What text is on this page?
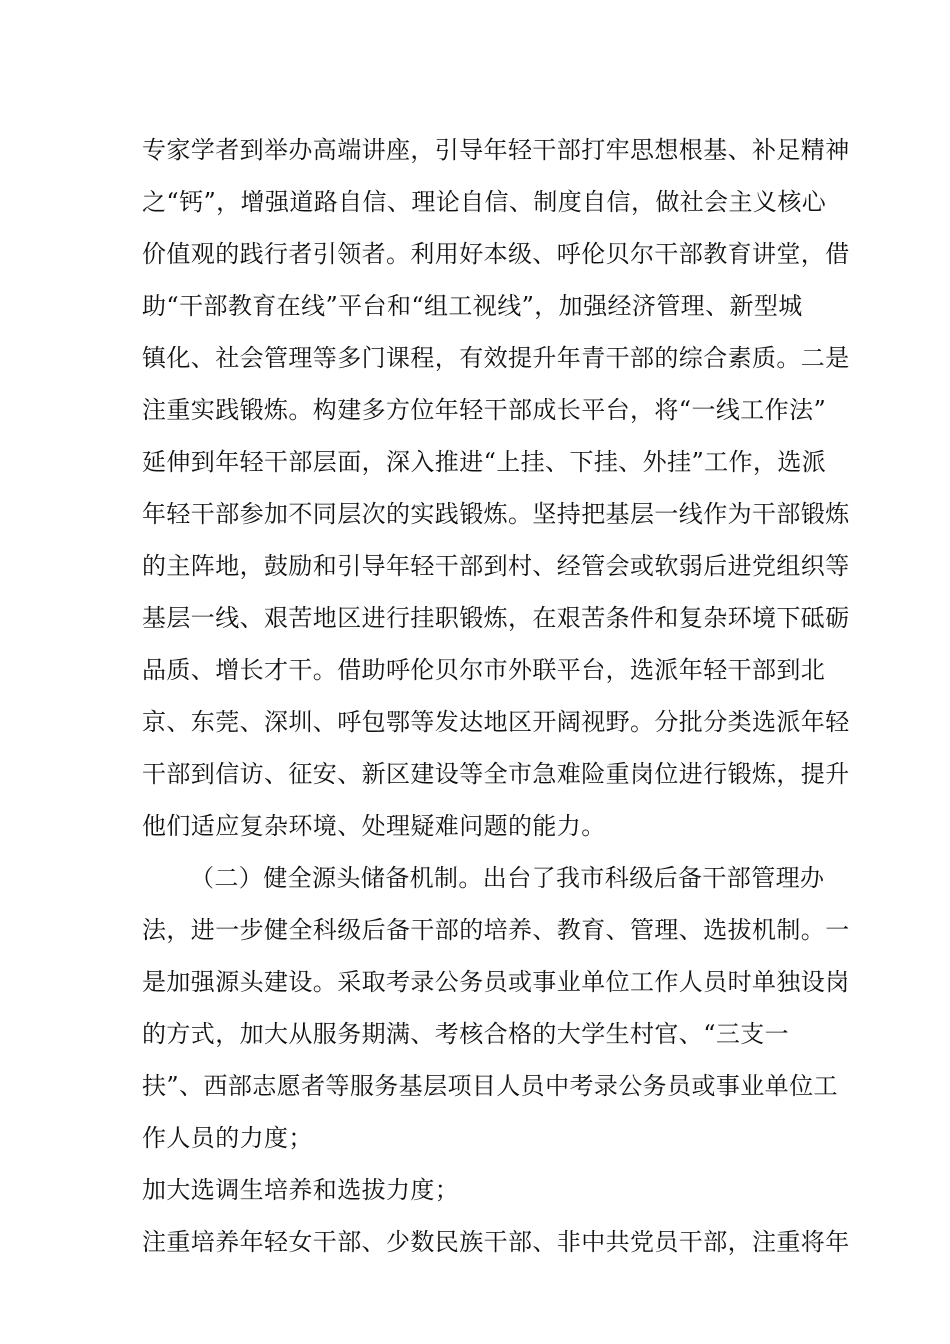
专家学者到举办高端讲座，引导年轻干部打牢思想根基、补足精神
之“钙”，增强道路自信、理论自信、制度自信，做社会主义核心
价值观的践行者引领者。利用好本级、呼伦贝尔干部教育讲堂，借
助“干部教育在线”平台和“组工视线”，加强经济管理、新型城
镇化、社会管理等多门课程，有效提升年青干部的综合素质。二是
注重实践锻炼。构建多方位年轻干部成长平台，将“一线工作法”
延伸到年轻干部层面，深入推进“上挂、下挂、外挂”工作，选派
年轻干部参加不同层次的实践锻炼。坚持把基层一线作为干部锻炼
的主阵地，鼓励和引导年轻干部到村、经管会或软弱后进党组织等
基层一线、艰苦地区进行挂职锻炼，在艰苦条件和复杂环境下砥砺
品质、增长才干。借助呼伦贝尔市外联平台，选派年轻干部到北
京、东莞、深圳、呼包鄂等发达地区开阔视野。分批分类选派年轻
干部到信访、征安、新区建设等全市急难险重岗位进行锻炼，提升
他们适应复杂环境、处理疑难问题的能力。
（二）健全源头储备机制。出台了我市科级后备干部管理办
法，进一步健全科级后备干部的培养、教育、管理、选拔机制。一
是加强源头建设。采取考录公务员或事业单位工作人员时单独设岗
的方式，加大从服务期满、考核合格的大学生村官、“三支一
扶”、西部志愿者等服务基层项目人员中考录公务员或事业单位工
作人员的力度；
加大选调生培养和选拔力度；
注重培养年轻女干部、少数民族干部、非中共党员干部，注重将年
